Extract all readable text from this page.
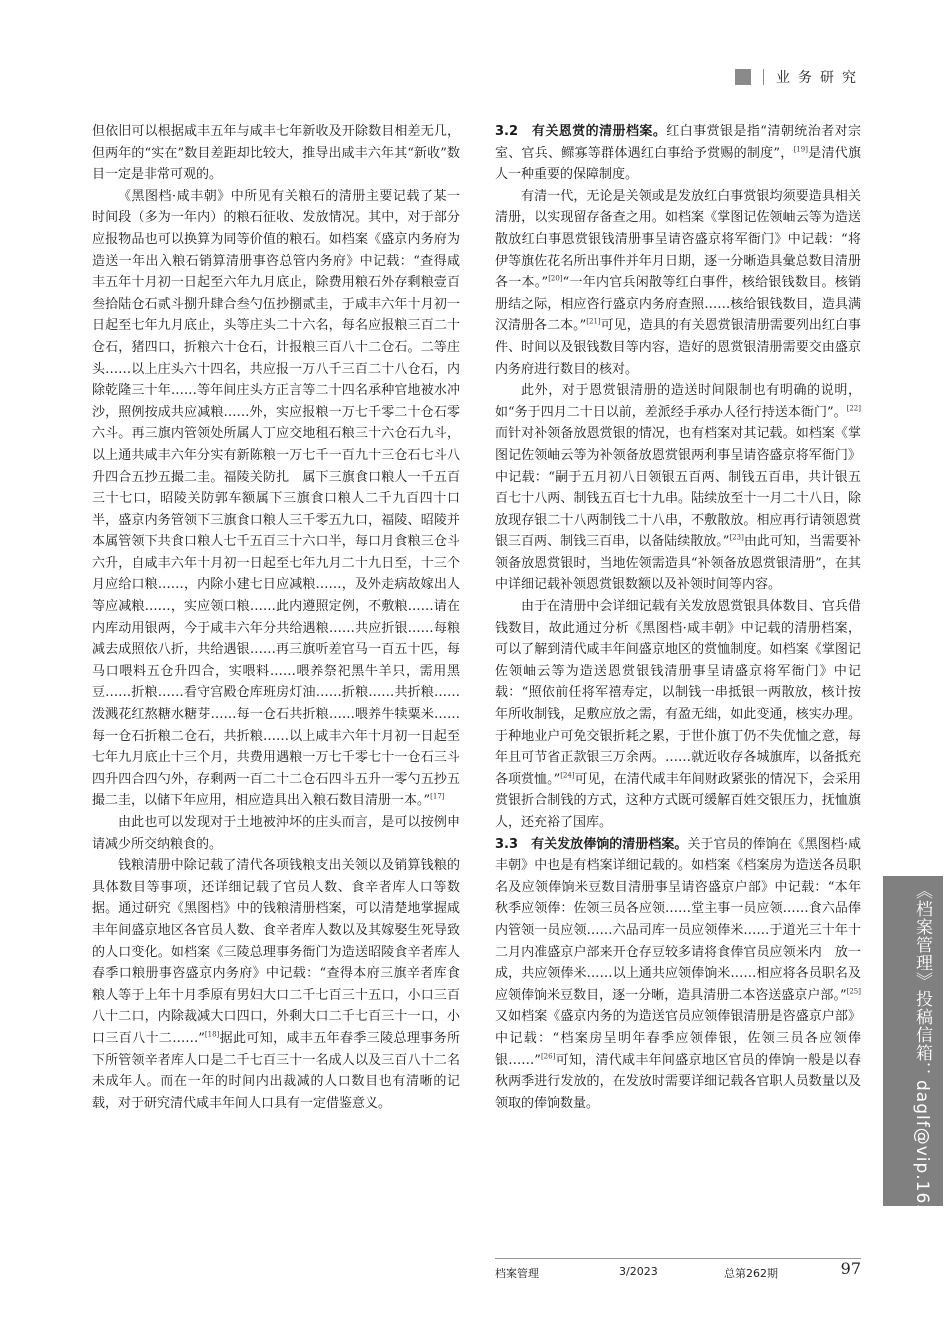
业务研究

但依旧可以根据咸丰五年与咸丰七年新收及开除数目相差无几，但两年的“实在”数目差距却比较大，推导出咸丰六年其“新收”数目一定是非常可观的。

《黑图档·咸丰朝》中所见有关粮石的清册主要记载了某一时间段（多为一年内）的粮石征收、发放情况。其中，对于部分应报物品也可以换算为同等价值的粮石。如档案《盛京内务府为造送一年出入粮石销算清册事咨总管内务府》中记载：“查得咸丰五年十月初一日起至六年九月底止，除费用粮石外存剩粮壹百叁拾陆仓石贰斗捌升肆合叁勺伍抄捌贰圭，于咸丰六年十月初一日起至七年九月底止，头等庄头二十六名，每名应报粮三百二十仓石，猪四口，折粮六十仓石，计报粮三百八十二仓石。二等庄头……以上庄头六十四名，共应报一万八千三百二十八仓石，内除乾隆三十年……等年间庄头方正言等二十四名承种官地被水冲沙，照例按成共应减粮……外，实应报粮一万七千零二十仓石零六斗。再三旗内管领处所属人丁应交地租石粮三十六仓石九斗，以上通共咸丰六年分实有新陈粮一万七千一百九十三仓石七斗八升四合五抄五撮二圭。福陵关防扎　属下三旗食口粮人一千五百三十七口，昭陵关防郭车额属下三旗食口粮人二千九百四十口半，盛京内务管领下三旗食口粮人三千零五九口，福陵、昭陵并本属管领下共食口粮人七千五百三十六口半，每口月食粮三仓斗六升，自咸丰六年十月初一日起至七年九月二十九日至，十三个月应给口粮……，内除小建七日应减粮……，及外走病故嫁出人等应减粮……，实应领口粮……此内遵照定例，不敷粮……请在内库动用银两，今于咸丰六年分共给遇粮……共应折银……每粮减去成照依八折，共给遇银……再三旗听差官马一百五十匹，每马口喂料五仓升四合，实喂料……喂养祭祀黑牛羊只，需用黑豆……折粮……看守宫殿仓库班房灯油……折粮……共折粮……泼溅花红熬糖水糖芽……每一仓石共折粮……喂养牛犊粟米……每一仓石折粮二仓石，共折粮……以上咸丰六年十月初一日起至七年九月底止十三个月，共费用遇粮一万七千零七十一仓石三斗四升四合四勺外，存剩两一百二十二仓石四斗五升一零勺五抄五撮二圭，以储下年应用，相应造具出入粮石数目清册一本。”[17]

由此也可以发现对于土地被沖坏的庄头而言，是可以按例申请减少所交纳粮食的。

钱粮清册中除记载了清代各项钱粮支出关领以及销算钱粮的具体数目等事项，还详细记载了官员人数、食辛者库人口等数据。通过研究《黑图档》中的钱粮清册档案，可以清楚地掌握咸丰年间盛京地区各官员人数、食辛者库人数以及其嫁娶生死导致的人口变化。如档案《三陵总理事务衙门为造送昭陵食辛者库人春季口粮册事咨盛京内务府》中记载：“查得本府三旗辛者库食粮人等于上年十月季原有男妇大口二千七百三十五口，小口三百八十二口，内除裁减大口四口，外剩大口二千七百三十一口，小口三百八十二……”[18]据此可知，咸丰五年春季三陵总理事务所下所管领辛者库人口是二千七百三十一名成人以及三百八十二名未成年人。而在一年的时间内出裁减的人口数目也有清晰的记载，对于研究清代咸丰年间人口具有一定借鉴意义。

3.2　有关恩赏的清册档案。红白事赏银是指“清朝统治者对宗室、官兵、鳏寡等群体遇红白事给予赏赐的制度”，[19]是清代旗人一种重要的保障制度。

有清一代，无论是关领或是发放红白事赏银均须要造具相关清册，以实现留存备查之用。如档案《掌图记佐领岫云等为造送散放红白事恩赏银钱清册事呈请咨盛京将军衙门》中记载：“将伊等旗佐花名所出事件并年月日期，逐一分晰造具彙总数目清册各一本。”[20]“一年内官兵闲散等红白事件，核给银钱数目。核销册结之际，相应咨行盛京内务府查照……核给银钱数目，造具满汉清册各二本。”[21]可见，造具的有关恩赏银清册需要列出红白事件、时间以及银钱数目等内容，造好的恩赏银清册需要交由盛京内务府进行数目的核对。

此外，对于恩赏银清册的造送时间限制也有明确的说明，如“务于四月二十日以前，差派经手承办人径行持送本衙门”。[22]而针对补领备放恩赏银的情况，也有档案对其记载。如档案《掌图记佐领岫云等为补领备放恩赏银两利事呈请咨盛京将军衙门》中记载：“嗣于五月初八日领银五百两、制钱五百串，共计银五百七十八两、制钱五百七十九串。陆续放至十一月二十八日，除放现存银二十八两制钱二十八串，不敷散放。相应再行请领恩赏银三百两、制钱三百串，以备陆续散放。”[23]由此可知，当需要补领备放恩赏银时，当地佐领需造具“补领备放恩赏银清册”，在其中详细记载补领恩赏银数额以及补领时间等内容。

由于在清册中会详细记载有关发放恩赏银具体数目、官兵借钱数目，故此通过分析《黑图档·咸丰朝》中记载的清册档案，可以了解到清代咸丰年间盛京地区的赏恤制度。如档案《掌图记佐领岫云等为造送恩赏银钱清册事呈请盛京将军衙门》中记载：“照依前任将军禧寿定，以制钱一串抵银一两散放，核计按年所收制钱，足敷应放之需，有盈无绌，如此变通，核实办理。于种地业户可免交银折耗之累，于世仆旗丁仍不失优恤之意，每年且可节省正款银三万余两。……就近收存各城旗库，以备抵充各项赏恤。”[24]可见，在清代咸丰年间财政紧张的情况下，会采用赏银折合制钱的方式，这种方式既可缓解百姓交银压力，抚恤旗人，还充裕了国库。

3.3　有关发放俸饷的清册档案。关于官员的俸饷在《黑图档·咸丰朝》中也是有档案详细记载的。如档案《档案房为造送各员职名及应领俸饷米豆数目清册事呈请咨盛京户部》中记载：“本年秋季应领俸：佐领三员各应领……堂主事一员应领……食六品俸内管领一员应领……六品司库一员应领俸米……于道光三十年十二月内准盛京户部来开仓存豆较多请将食俸官员应领米内　放一成，共应领俸米……以上通共应领俸饷米……相应将各员职名及应领俸饷米豆数目，逐一分晰，造具清册二本咨送盛京户部。”[25]又如档案《盛京内务的为造送官员应领俸银清册是咨盛京户部》中记载：“档案房呈明年春季应领俸银，佐领三员各应领俸银……”[26]可知，清代咸丰年间盛京地区官员的俸饷一般是以春秋两季进行发放的，在发放时需要详细记载各官职人员数量以及领取的俸饷数量。	《档案管理》投稿信箱：daglf@vip.163.com
档案管理	3/2023	总第262期	97
